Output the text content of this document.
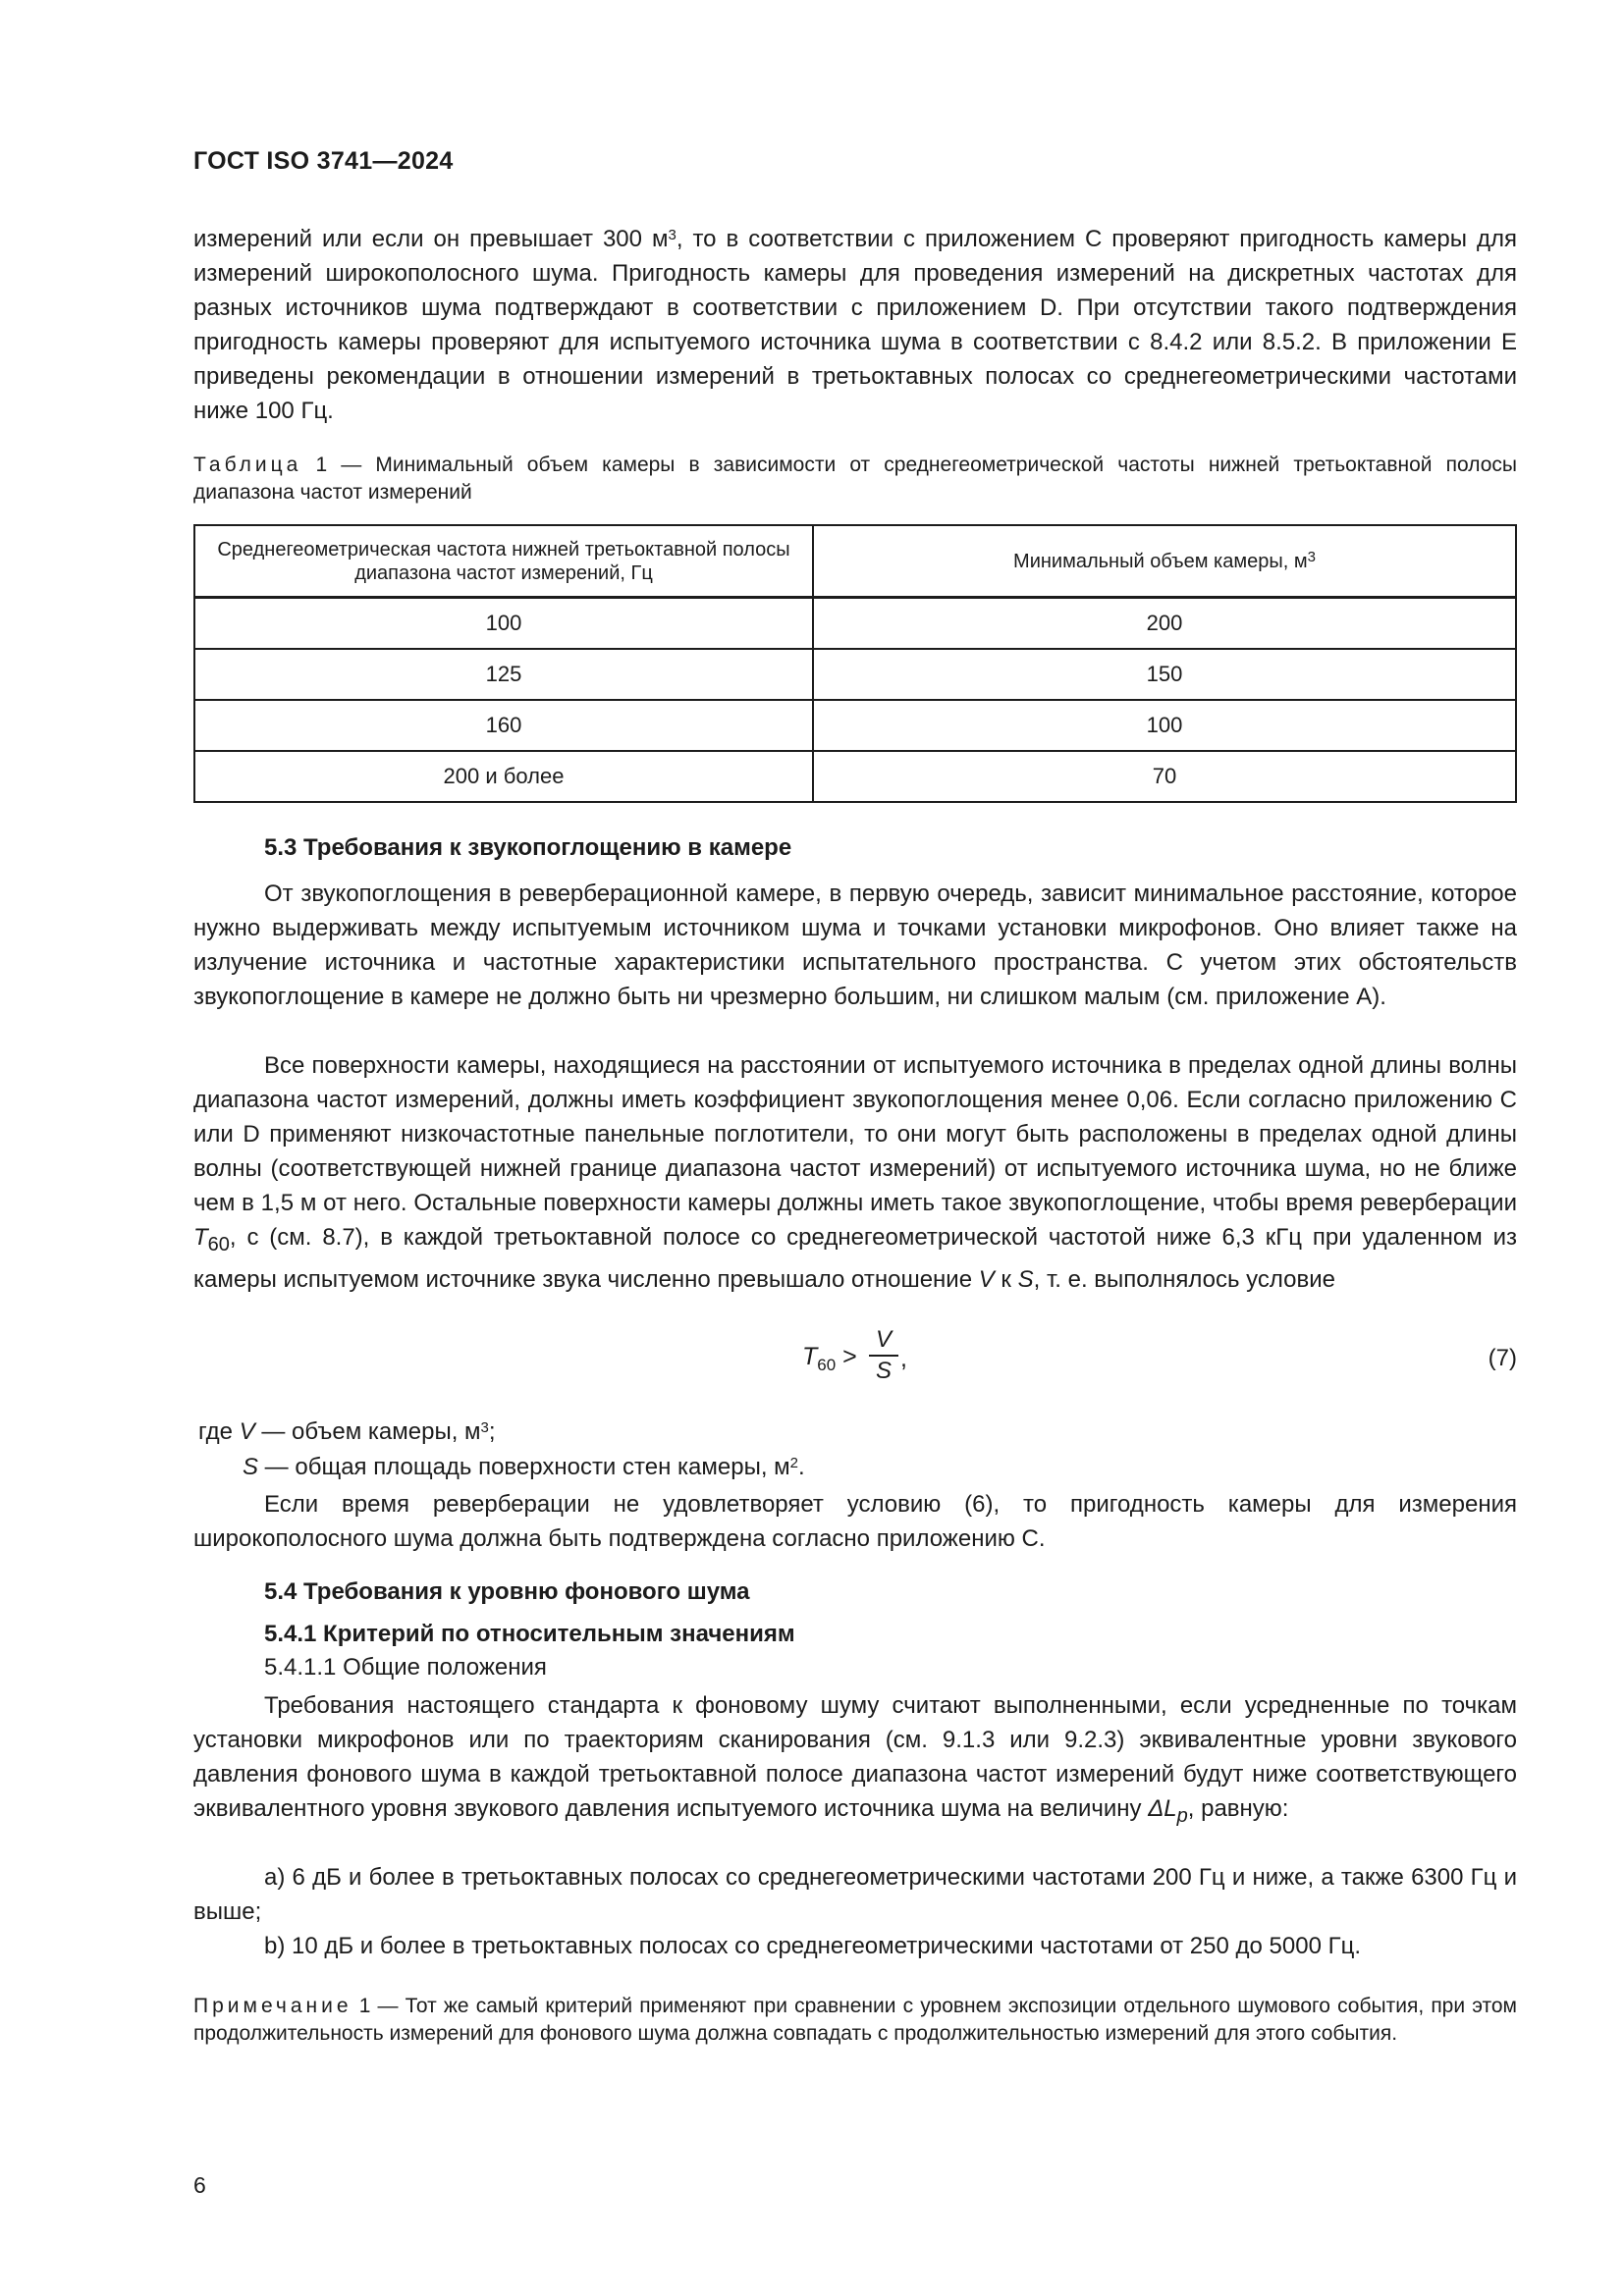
ГОСТ ISO 3741—2024

измерений или если он превышает 300 $м^3$, то в соответствии с приложением С проверяют пригодность камеры для измерений широкополосного шума. Пригодность камеры для проведения измерений на дискретных частотах для разных источников шума подтверждают в соответствии с приложением D. При отсутствии такого подтверждения пригодность камеры проверяют для испытуемого источника шума в соответствии с 8.4.2 или 8.5.2. В приложении Е приведены рекомендации в отношении измерений в третьоктавных полосах со среднегеометрическими частотами ниже 100 Гц.

Таблица 1 — Минимальный объем камеры в зависимости от среднегеометрической частоты нижней третьоктавной полосы диапазона частот измерений
Среднегеометрическая частота нижней третьоктавной полосы диапазона частот измерений, Гц	Минимальный объем камеры, $м^3$
100	200
125	150
160	100
200 и более	70
5.3 Требования к звукопоглощению в камере

От звукопоглощения в реверберационной камере, в первую очередь, зависит минимальное расстояние, которое нужно выдерживать между испытуемым источником шума и точками установки микрофонов. Оно влияет также на излучение источника и частотные характеристики испытательного пространства. С учетом этих обстоятельств звукопоглощение в камере не должно быть ни чрезмерно большим, ни слишком малым (см. приложение А).

Все поверхности камеры, находящиеся на расстоянии от испытуемого источника в пределах одной длины волны диапазона частот измерений, должны иметь коэффициент звукопоглощения менее 0,06. Если согласно приложению С или D применяют низкочастотные панельные поглотители, то они могут быть расположены в пределах одной длины волны (соответствующей нижней границе диапазона частот измерений) от испытуемого источника шума, но не ближе чем в 1,5 м от него. Остальные поверхности камеры должны иметь такое звукопоглощение, чтобы время реверберации $T_{60}$, с (см. 8.7), в каждой третьоктавной полосе со среднегеометрической частотой ниже 6,3 кГц при удаленном из камеры испытуемом источнике звука численно превышало отношение V к S, т. е. выполнялось условие

$T_{60} > \frac{V}{S}$ ,	(7)
где V — объем камеры, $м^3$;
S — общая площадь поверхности стен камеры, $м^2$.

Если время реверберации не удовлетворяет условию (6), то пригодность камеры для измерения широкополосного шума должна быть подтверждена согласно приложению С.

5.4 Требования к уровню фонового шума
5.4.1 Критерий по относительным значениям
5.4.1.1 Общие положения

Требования настоящего стандарта к фоновому шуму считают выполненными, если усредненные по точкам установки микрофонов или по траекториям сканирования (см. 9.1.3 или 9.2.3) эквивалентные уровни звукового давления фонового шума в каждой третьоктавной полосе диапазона частот измерений будут ниже соответствующего эквивалентного уровня звукового давления испытуемого источника шума на величину $\Delta L_p$, равную:

а) 6 дБ и более в третьоктавных полосах со среднегеометрическими частотами 200 Гц и ниже, а также 6300 Гц и выше;

b) 10 дБ и более в третьоктавных полосах со среднегеометрическими частотами от 250 до 5000 Гц.

Примечание 1 — Тот же самый критерий применяют при сравнении с уровнем экспозиции отдельного шумового события, при этом продолжительность измерений для фонового шума должна совпадать с продолжительностью измерений для этого события.
6
